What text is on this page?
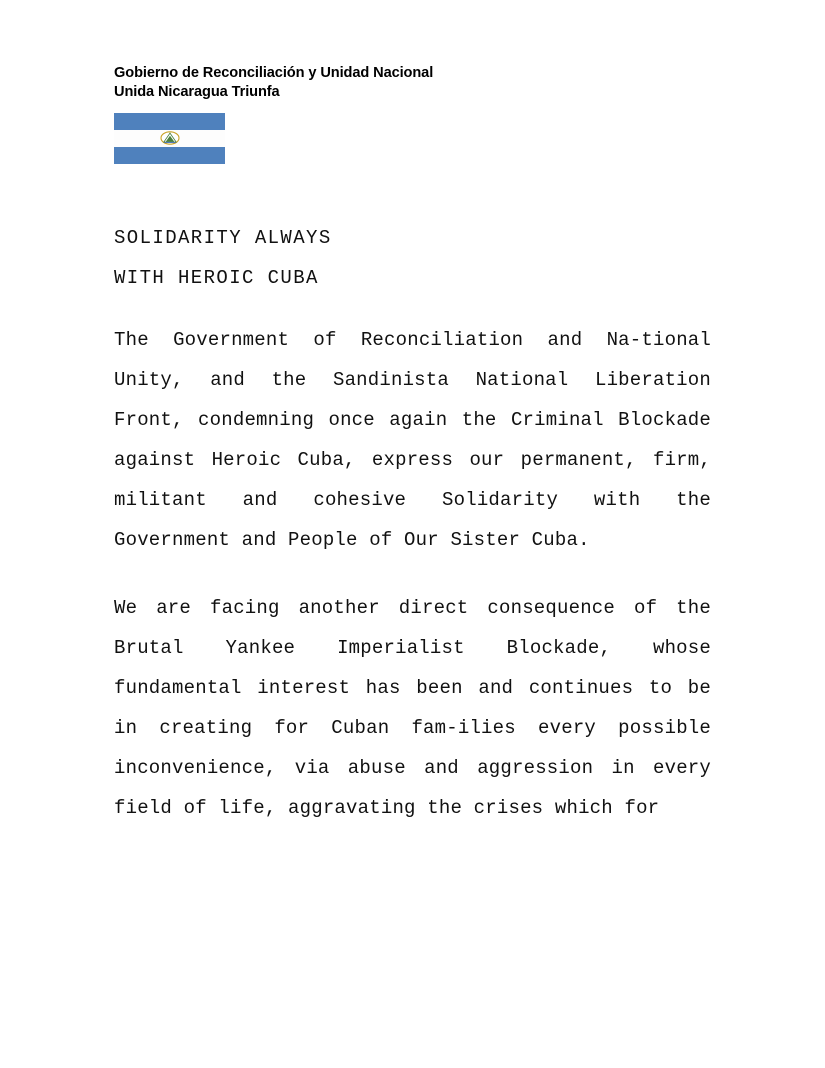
Gobierno de Reconciliación y Unidad Nacional
Unida Nicaragua Triunfa
SOLIDARITY ALWAYS
WITH HEROIC CUBA

The Government of Reconciliation and Na‐tional Unity, and the Sandinista National Liberation Front, condemning once again the Criminal Blockade against Heroic Cuba, express our permanent, firm, militant and cohesive Solidarity with the Government and People of Our Sister Cuba.

We are facing another direct consequence of the Brutal Yankee Imperialist Blockade, whose fundamental interest has been and continues to be in creating for Cuban fam‐ilies every possible inconvenience, via abuse and aggression in every field of life, aggravating the crises which for
